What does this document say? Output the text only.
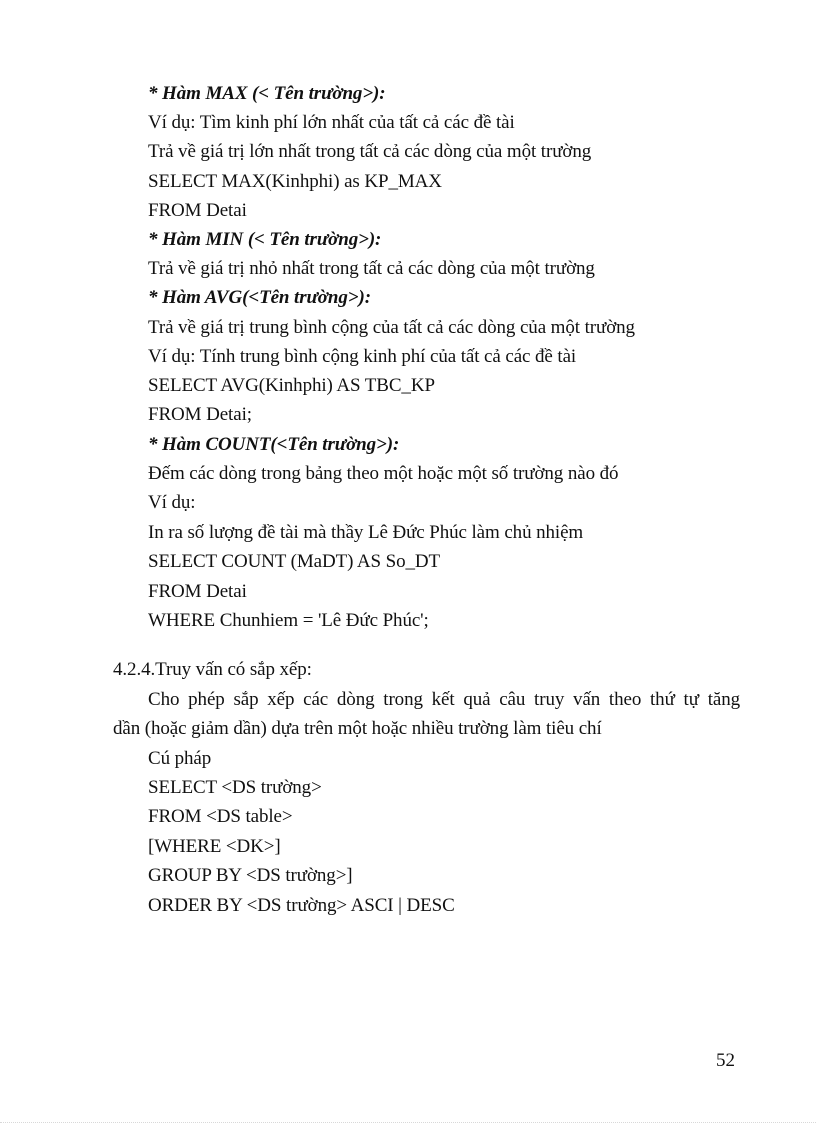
* Hàm MAX (< Tên trường>):
Ví dụ: Tìm kinh phí lớn nhất của tất cả các đề tài
Trả về giá trị lớn nhất trong tất cả các dòng của một trường
SELECT MAX(Kinhphi) as KP_MAX
FROM Detai
* Hàm MIN (< Tên trường>):
Trả về giá trị nhỏ nhất trong tất cả các dòng của một trường
* Hàm AVG(<Tên trường>):
Trả về giá trị trung bình cộng của tất cả các dòng của một trường
Ví dụ: Tính trung bình cộng kinh phí của tất cả các đề tài
SELECT AVG(Kinhphi) AS TBC_KP
FROM Detai;
* Hàm COUNT(<Tên trường>):
Đếm các dòng trong bảng theo một hoặc một số trường nào đó
Ví dụ:
In ra số lượng đề tài mà thầy Lê Đức Phúc làm chủ nhiệm
SELECT COUNT (MaDT) AS So_DT
FROM Detai
WHERE Chunhiem = 'Lê Đức Phúc';
4.2.4.Truy vấn có sắp xếp:
Cho phép sắp xếp các dòng trong kết quả câu truy vấn theo thứ tự tăng
dần (hoặc giảm dần) dựa trên một hoặc nhiều trường làm tiêu chí
Cú pháp
SELECT <DS trường>
FROM <DS table>
[WHERE <DK>]
GROUP BY <DS trường>]
ORDER BY <DS trường> ASCI | DESC
52
